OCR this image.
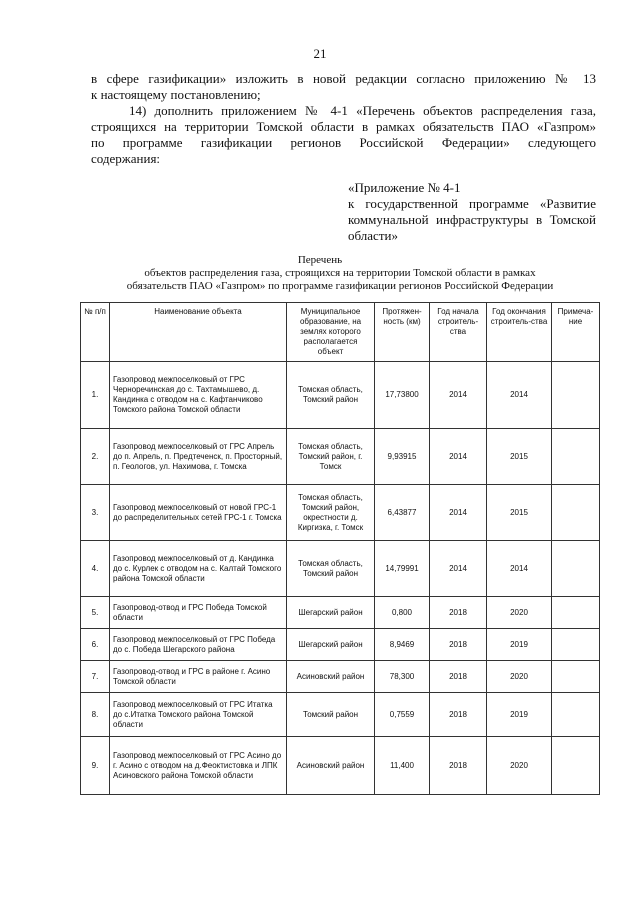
21
в сфере газификации» изложить в новой редакции согласно приложению № 13
к настоящему постановлению;
14) дополнить приложением № 4-1 «Перечень объектов распределения газа,
строящихся на территории Томской области в рамках обязательств ПАО «Газпром»
по программе газификации регионов Российской Федерации» следующего
содержания:
«Приложение № 4-1
к государственной программе «Развитие
коммунальной инфраструктуры в Томской
области»
Перечень
объектов распределения газа, строящихся на территории Томской области в рамках
обязательств ПАО «Газпром» по программе газификации регионов Российской Федерации
№ п/п	Наименование объекта	Муниципальное образование, на землях которого располагается объект	Протяжен-ность (км)	Год начала строитель-ства	Год окончания строитель-ства	Примеча-ние
1.	Газопровод межпоселковый от ГРС Черноречинская до с. Тахтамышево, д. Кандинка с отводом на с. Кафтанчиково Томского района Томской области	Томская область, Томский район	17,73800	2014	2014	
2.	Газопровод межпоселковый от ГРС Апрель до п. Апрель, п. Предтеченск, п. Просторный, п. Геологов, ул. Нахимова, г. Томска	Томская область, Томский район, г. Томск	9,93915	2014	2015	
3.	Газопровод межпоселковый от новой ГРС-1 до распределительных сетей ГРС-1 г. Томска	Томская область, Томский район, окрестности д. Киргизка, г. Томск	6,43877	2014	2015	
4.	Газопровод межпоселковый от д. Кандинка до с. Курлек с отводом на с. Калтай Томского района Томской области	Томская область, Томский район	14,79991	2014	2014	
5.	Газопровод-отвод и ГРС Победа Томской области	Шегарский район	0,800	2018	2020	
6.	Газопровод межпоселковый от ГРС Победа до с. Победа Шегарского района	Шегарский район	8,9469	2018	2019	
7.	Газопровод-отвод и ГРС в районе г. Асино Томской области	Асиновский район	78,300	2018	2020	
8.	Газопровод межпоселковый от ГРС Итатка до с.Итатка Томского района Томской области	Томский район	0,7559	2018	2019	
9.	Газопровод межпоселковый от ГРС Асино до г. Асино с отводом на д.Феоктистовка и ЛПК Асиновского района Томской области	Асиновский район	11,400	2018	2020	
